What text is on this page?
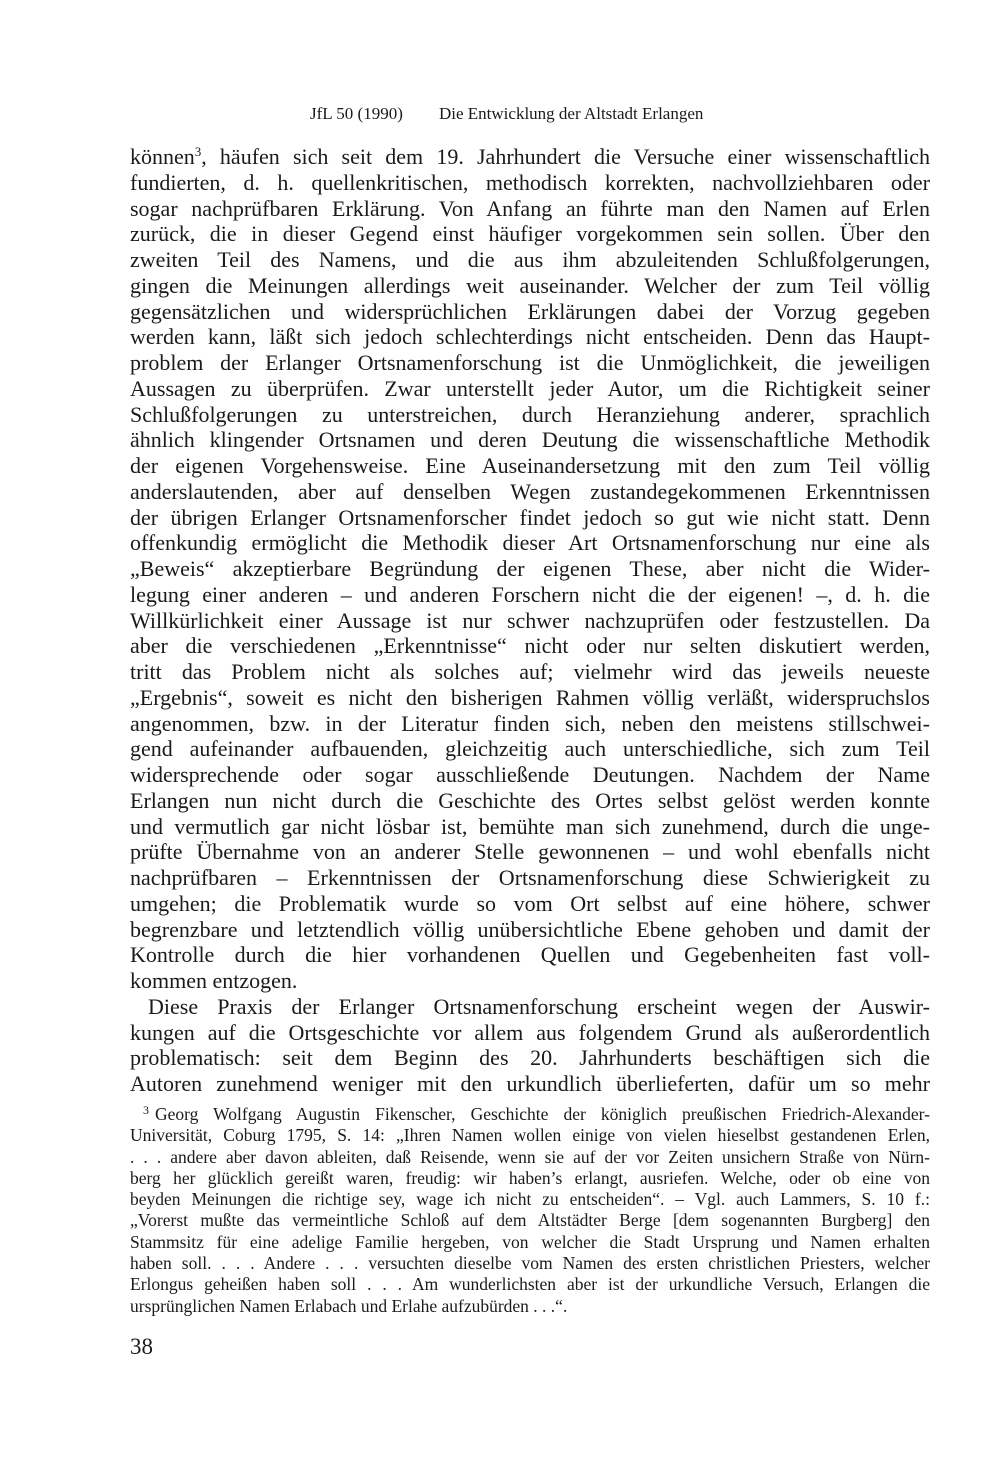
JfL 50 (1990) Die Entwicklung der Altstadt Erlangen
können$^3$, häufen sich seit dem 19. Jahrhundert die Versuche einer wissenschaftlich
fundierten, d. h. quellenkritischen, methodisch korrekten, nachvollziehbaren oder
sogar nachprüfbaren Erklärung. Von Anfang an führte man den Namen auf Erlen
zurück, die in dieser Gegend einst häufiger vorgekommen sein sollen. Über den
zweiten Teil des Namens, und die aus ihm abzuleitenden Schlußfolgerungen,
gingen die Meinungen allerdings weit auseinander. Welcher der zum Teil völlig
gegensätzlichen und widersprüchlichen Erklärungen dabei der Vorzug gegeben
werden kann, läßt sich jedoch schlechterdings nicht entscheiden. Denn das Haupt-
problem der Erlanger Ortsnamenforschung ist die Unmöglichkeit, die jeweiligen
Aussagen zu überprüfen. Zwar unterstellt jeder Autor, um die Richtigkeit seiner
Schlußfolgerungen zu unterstreichen, durch Heranziehung anderer, sprachlich
ähnlich klingender Ortsnamen und deren Deutung die wissenschaftliche Methodik
der eigenen Vorgehensweise. Eine Auseinandersetzung mit den zum Teil völlig
anderslautenden, aber auf denselben Wegen zustandegekommenen Erkenntnissen
der übrigen Erlanger Ortsnamenforscher findet jedoch so gut wie nicht statt. Denn
offenkundig ermöglicht die Methodik dieser Art Ortsnamenforschung nur eine als
„Beweis“ akzeptierbare Begründung der eigenen These, aber nicht die Wider-
legung einer anderen – und anderen Forschern nicht die der eigenen! –, d. h. die
Willkürlichkeit einer Aussage ist nur schwer nachzuprüfen oder festzustellen. Da
aber die verschiedenen „Erkenntnisse“ nicht oder nur selten diskutiert werden,
tritt das Problem nicht als solches auf; vielmehr wird das jeweils neueste
„Ergebnis“, soweit es nicht den bisherigen Rahmen völlig verläßt, widerspruchslos
angenommen, bzw. in der Literatur finden sich, neben den meistens stillschwei-
gend aufeinander aufbauenden, gleichzeitig auch unterschiedliche, sich zum Teil
widersprechende oder sogar ausschließende Deutungen. Nachdem der Name
Erlangen nun nicht durch die Geschichte des Ortes selbst gelöst werden konnte
und vermutlich gar nicht lösbar ist, bemühte man sich zunehmend, durch die unge-
prüfte Übernahme von an anderer Stelle gewonnenen – und wohl ebenfalls nicht
nachprüfbaren – Erkenntnissen der Ortsnamenforschung diese Schwierigkeit zu
umgehen; die Problematik wurde so vom Ort selbst auf eine höhere, schwer
begrenzbare und letztendlich völlig unübersichtliche Ebene gehoben und damit der
Kontrolle durch die hier vorhandenen Quellen und Gegebenheiten fast voll-
kommen entzogen.
Diese Praxis der Erlanger Ortsnamenforschung erscheint wegen der Auswir-
kungen auf die Ortsgeschichte vor allem aus folgendem Grund als außerordentlich
problematisch: seit dem Beginn des 20. Jahrhunderts beschäftigen sich die
Autoren zunehmend weniger mit den urkundlich überlieferten, dafür um so mehr
$^3$ Georg Wolfgang Augustin Fikenscher, Geschichte der königlich preußischen Friedrich-Alexander-
Universität, Coburg 1795, S. 14: „Ihren Namen wollen einige von vielen hieselbst gestandenen Erlen,
. . . andere aber davon ableiten, daß Reisende, wenn sie auf der vor Zeiten unsichern Straße von Nürn-
berg her glücklich gereißt waren, freudig: wir haben’s erlangt, ausriefen. Welche, oder ob eine von
beyden Meinungen die richtige sey, wage ich nicht zu entscheiden“. – Vgl. auch Lammers, S. 10 f.:
„Vorerst mußte das vermeintliche Schloß auf dem Altstädter Berge [dem sogenannten Burgberg] den
Stammsitz für eine adelige Familie hergeben, von welcher die Stadt Ursprung und Namen erhalten
haben soll. . . . Andere . . . versuchten dieselbe vom Namen des ersten christlichen Priesters, welcher
Erlongus geheißen haben soll . . . Am wunderlichsten aber ist der urkundliche Versuch, Erlangen die
ursprünglichen Namen Erlabach und Erlahe aufzubürden . . .“.
38
